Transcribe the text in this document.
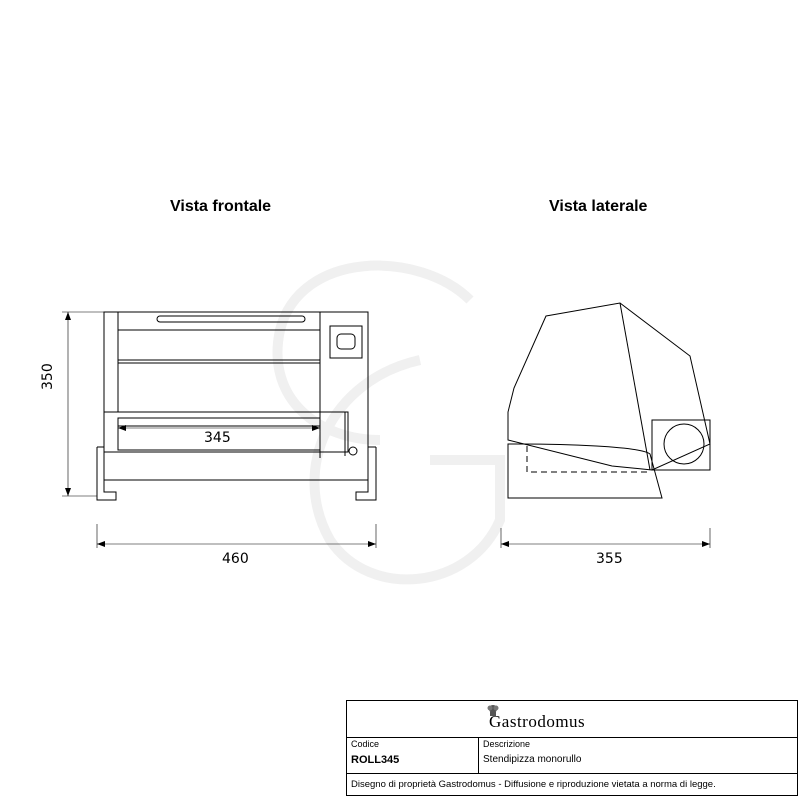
Vista frontale	Vista laterale
350
345
460	355
Gastrodomus
Codice
ROLL345
Descrizione
Stendipizza monorullo
Disegno di proprietà Gastrodomus - Diffusione e riproduzione vietata a norma di legge.
